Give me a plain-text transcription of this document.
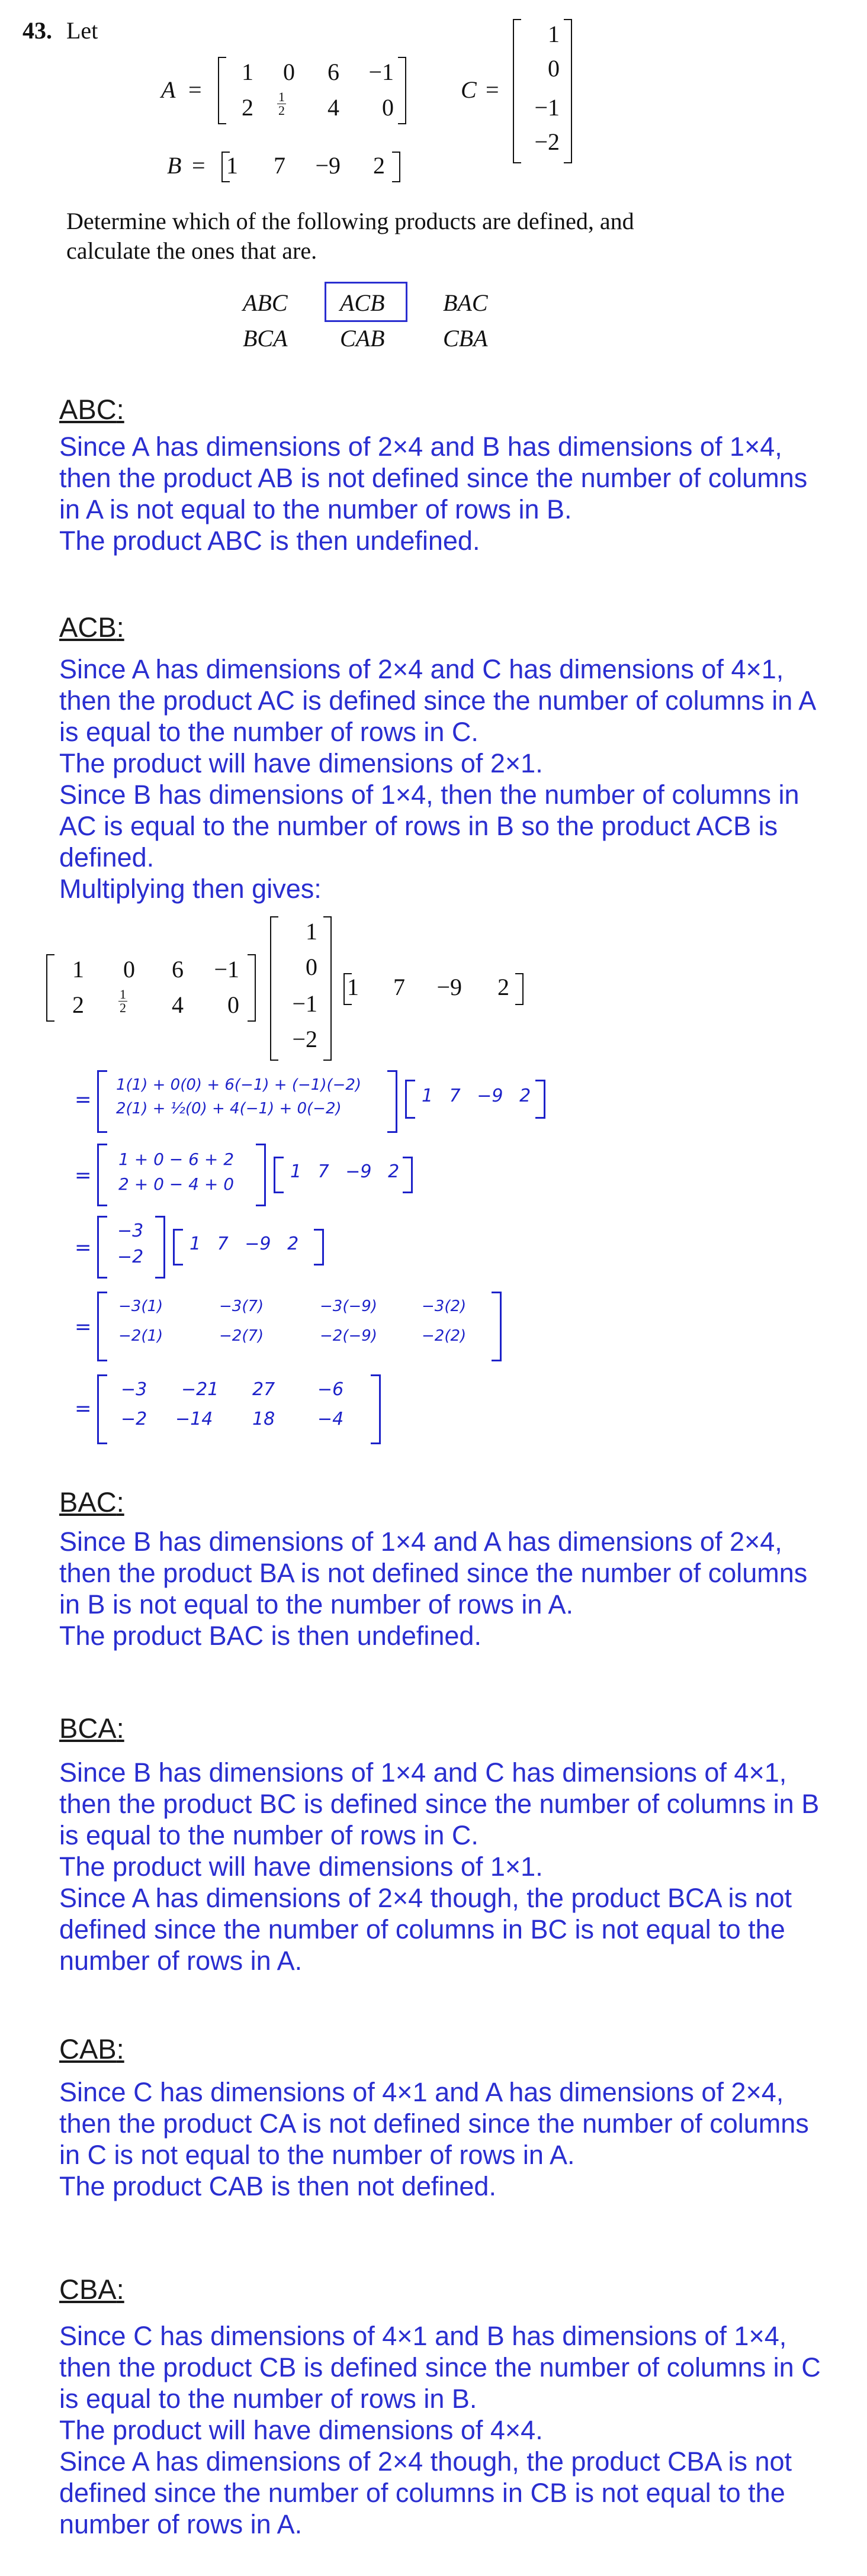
43. Let
A =
1	0	6	−1
$2 \frac{1}{2}$	4	0
C =
1
0
−1
−2
B = 1	7	−9	2
Determine which of the following products are defined, and
calculate the ones that are.
ABC ACB BAC
BCA CAB CBA
ABC:
Since A has dimensions of 2×4 and B has dimensions of 1×4,
then the product AB is not defined since the number of columns
in A is not equal to the number of rows in B.
The product ABC is then undefined.
ACB:
Since A has dimensions of 2×4 and C has dimensions of 4×1,
then the product AC is defined since the number of columns in A
is equal to the number of rows in C.
The product will have dimensions of 2×1.
Since B has dimensions of 1×4, then the number of columns in
AC is equal to the number of rows in B so the product ACB is
defined.
Multiplying then gives:
1	0	6	−1
2	$\frac{1}{2}$	4	0
1
0
−1
−2
1	7	−9	2
=
1(1) + 0(0) + 6(−1) + (−1)(−2)
2(1) + ½(0) + 4(−1) + 0(−2)
1 7 −9 2
=
1 + 0 − 6 + 2
2 + 0 − 4 + 0
1 7 −9 2
=
−3
−2
1 7 −9 2
=
−3(1)	−3(7)	−3(−9)	−3(2)
−2(1)	−2(7)	−2(−9)	−2(2)
=
−3 −21 27 −6
−2 −14 18 −4
BAC:
Since B has dimensions of 1×4 and A has dimensions of 2×4,
then the product BA is not defined since the number of columns
in B is not equal to the number of rows in A.
The product BAC is then undefined.
BCA:
Since B has dimensions of 1×4 and C has dimensions of 4×1,
then the product BC is defined since the number of columns in B
is equal to the number of rows in C.
The product will have dimensions of 1×1.
Since A has dimensions of 2×4 though, the product BCA is not
defined since the number of columns in BC is not equal to the
number of rows in A.
CAB:
Since C has dimensions of 4×1 and A has dimensions of 2×4,
then the product CA is not defined since the number of columns
in C is not equal to the number of rows in A.
The product CAB is then not defined.
CBA:
Since C has dimensions of 4×1 and B has dimensions of 1×4,
then the product CB is defined since the number of columns in C
is equal to the number of rows in B.
The product will have dimensions of 4×4.
Since A has dimensions of 2×4 though, the product CBA is not
defined since the number of columns in CB is not equal to the
number of rows in A.
